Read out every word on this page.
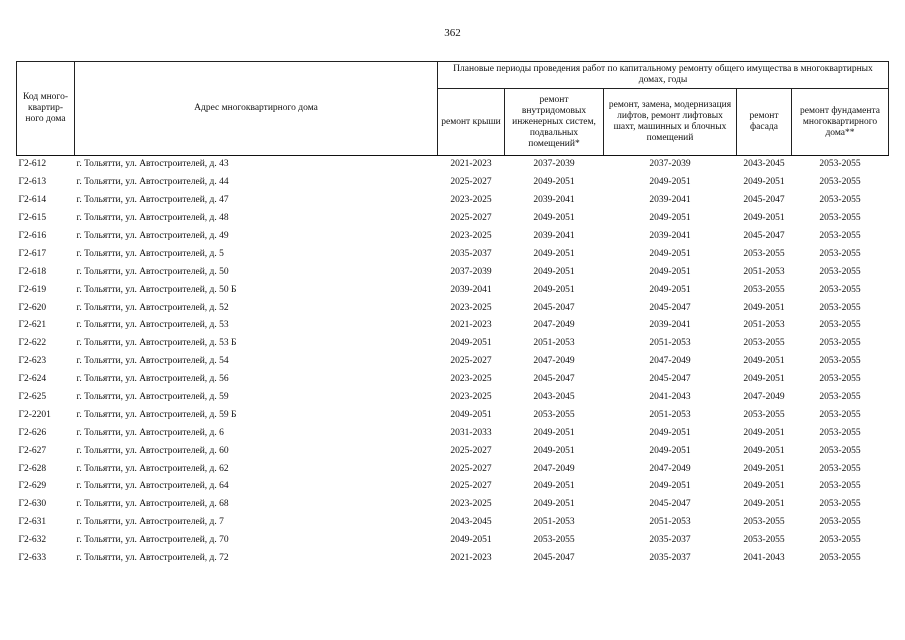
362
Код много-квартир-ного дома	Адрес многоквартирного дома	Плановые периоды проведения работ по капитальному ремонту общего имущества в многоквартирных домах, годы				
		ремонт крыши	ремонт внутридомовых инженерных систем, подвальных помещений*	ремонт, замена, модернизация лифтов, ремонт лифтовых шахт, машинных и блочных помещений	ремонт фасада	ремонт фундамента многоквартирного дома**
Г2-612	г. Тольятти, ул. Автостроителей, д. 43	2021-2023	2037-2039	2037-2039	2043-2045	2053-2055
Г2-613	г. Тольятти, ул. Автостроителей, д. 44	2025-2027	2049-2051	2049-2051	2049-2051	2053-2055
Г2-614	г. Тольятти, ул. Автостроителей, д. 47	2023-2025	2039-2041	2039-2041	2045-2047	2053-2055
Г2-615	г. Тольятти, ул. Автостроителей, д. 48	2025-2027	2049-2051	2049-2051	2049-2051	2053-2055
Г2-616	г. Тольятти, ул. Автостроителей, д. 49	2023-2025	2039-2041	2039-2041	2045-2047	2053-2055
Г2-617	г. Тольятти, ул. Автостроителей, д. 5	2035-2037	2049-2051	2049-2051	2053-2055	2053-2055
Г2-618	г. Тольятти, ул. Автостроителей, д. 50	2037-2039	2049-2051	2049-2051	2051-2053	2053-2055
Г2-619	г. Тольятти, ул. Автостроителей, д. 50 Б	2039-2041	2049-2051	2049-2051	2053-2055	2053-2055
Г2-620	г. Тольятти, ул. Автостроителей, д. 52	2023-2025	2045-2047	2045-2047	2049-2051	2053-2055
Г2-621	г. Тольятти, ул. Автостроителей, д. 53	2021-2023	2047-2049	2039-2041	2051-2053	2053-2055
Г2-622	г. Тольятти, ул. Автостроителей, д. 53 Б	2049-2051	2051-2053	2051-2053	2053-2055	2053-2055
Г2-623	г. Тольятти, ул. Автостроителей, д. 54	2025-2027	2047-2049	2047-2049	2049-2051	2053-2055
Г2-624	г. Тольятти, ул. Автостроителей, д. 56	2023-2025	2045-2047	2045-2047	2049-2051	2053-2055
Г2-625	г. Тольятти, ул. Автостроителей, д. 59	2023-2025	2043-2045	2041-2043	2047-2049	2053-2055
Г2-2201	г. Тольятти, ул. Автостроителей, д. 59 Б	2049-2051	2053-2055	2051-2053	2053-2055	2053-2055
Г2-626	г. Тольятти, ул. Автостроителей, д. 6	2031-2033	2049-2051	2049-2051	2049-2051	2053-2055
Г2-627	г. Тольятти, ул. Автостроителей, д. 60	2025-2027	2049-2051	2049-2051	2049-2051	2053-2055
Г2-628	г. Тольятти, ул. Автостроителей, д. 62	2025-2027	2047-2049	2047-2049	2049-2051	2053-2055
Г2-629	г. Тольятти, ул. Автостроителей, д. 64	2025-2027	2049-2051	2049-2051	2049-2051	2053-2055
Г2-630	г. Тольятти, ул. Автостроителей, д. 68	2023-2025	2049-2051	2045-2047	2049-2051	2053-2055
Г2-631	г. Тольятти, ул. Автостроителей, д. 7	2043-2045	2051-2053	2051-2053	2053-2055	2053-2055
Г2-632	г. Тольятти, ул. Автостроителей, д. 70	2049-2051	2053-2055	2035-2037	2053-2055	2053-2055
Г2-633	г. Тольятти, ул. Автостроителей, д. 72	2021-2023	2045-2047	2035-2037	2041-2043	2053-2055
